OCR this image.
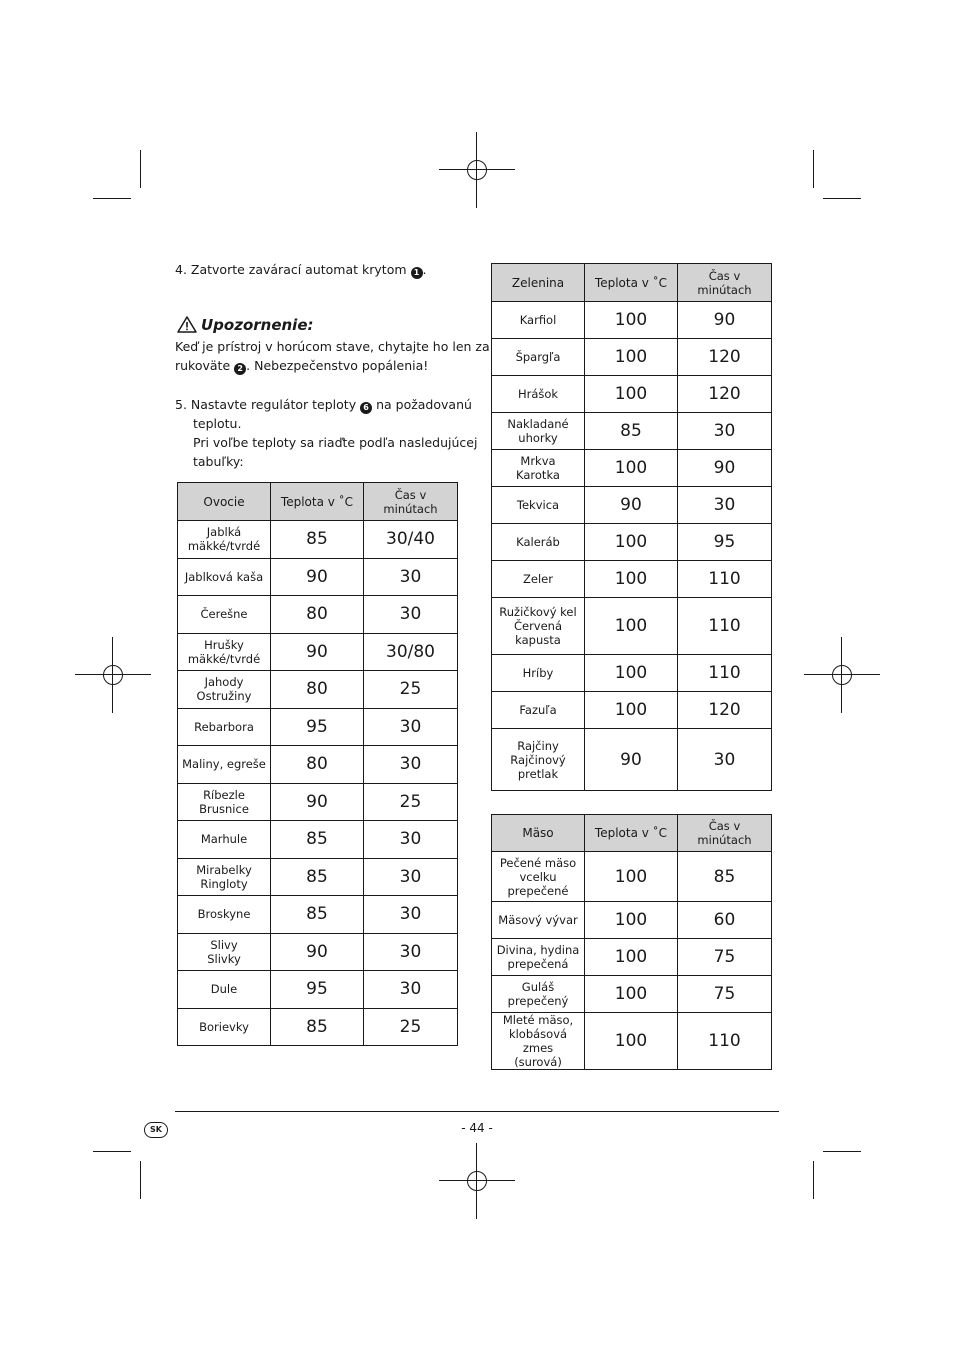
4. Zatvorte zavárací automat krytom 1 .
Upozornenie:
Keď je prístroj v horúcom stave, chytajte ho len za
rukoväte 2 . Nebezpečenstvo popálenia!
5. Nastavte regulátor teploty 6 na požadovanú
teplotu.
Pri voľbe teploty sa riaďte podľa nasledujúcej
tabuľky:
Ovocie	Teplota v ˚C	Čas v minútach
Jablká
mäkké/tvrdé	85	30/40
Jablková kaša	90	30
Čerešne	80	30
Hrušky
mäkké/tvrdé	90	30/80
Jahody
Ostružiny	80	25
Rebarbora	95	30
Maliny, egreše	80	30
Ríbezle
Brusnice	90	25
Marhule	85	30
Mirabelky
Ringloty	85	30
Broskyne	85	30
Slivy
Slivky	90	30
Dule	95	30
Borievky	85	25
Zelenina	Teplota v ˚C	Čas v minútach
Karfiol	100	90
Špargľa	100	120
Hrášok	100	120
Nakladané
uhorky	85	30
Mrkva
Karotka	100	90
Tekvica	90	30
Kaleráb	100	95
Zeler	100	110
Ružičkový kel
Červená
kapusta	100	110
Hríby	100	110
Fazuľa	100	120
Rajčiny
Rajčinový
pretlak	90	30
Mäso	Teplota v ˚C	Čas v minútach
Pečené mäso
vcelku
prepečené	100	85
Mäsový vývar	100	60
Divina, hydina
prepečená	100	75
Guláš
prepečený	100	75
Mleté mäso,
klobásová zmes
(surová)	100	110
SK	- 44 -
